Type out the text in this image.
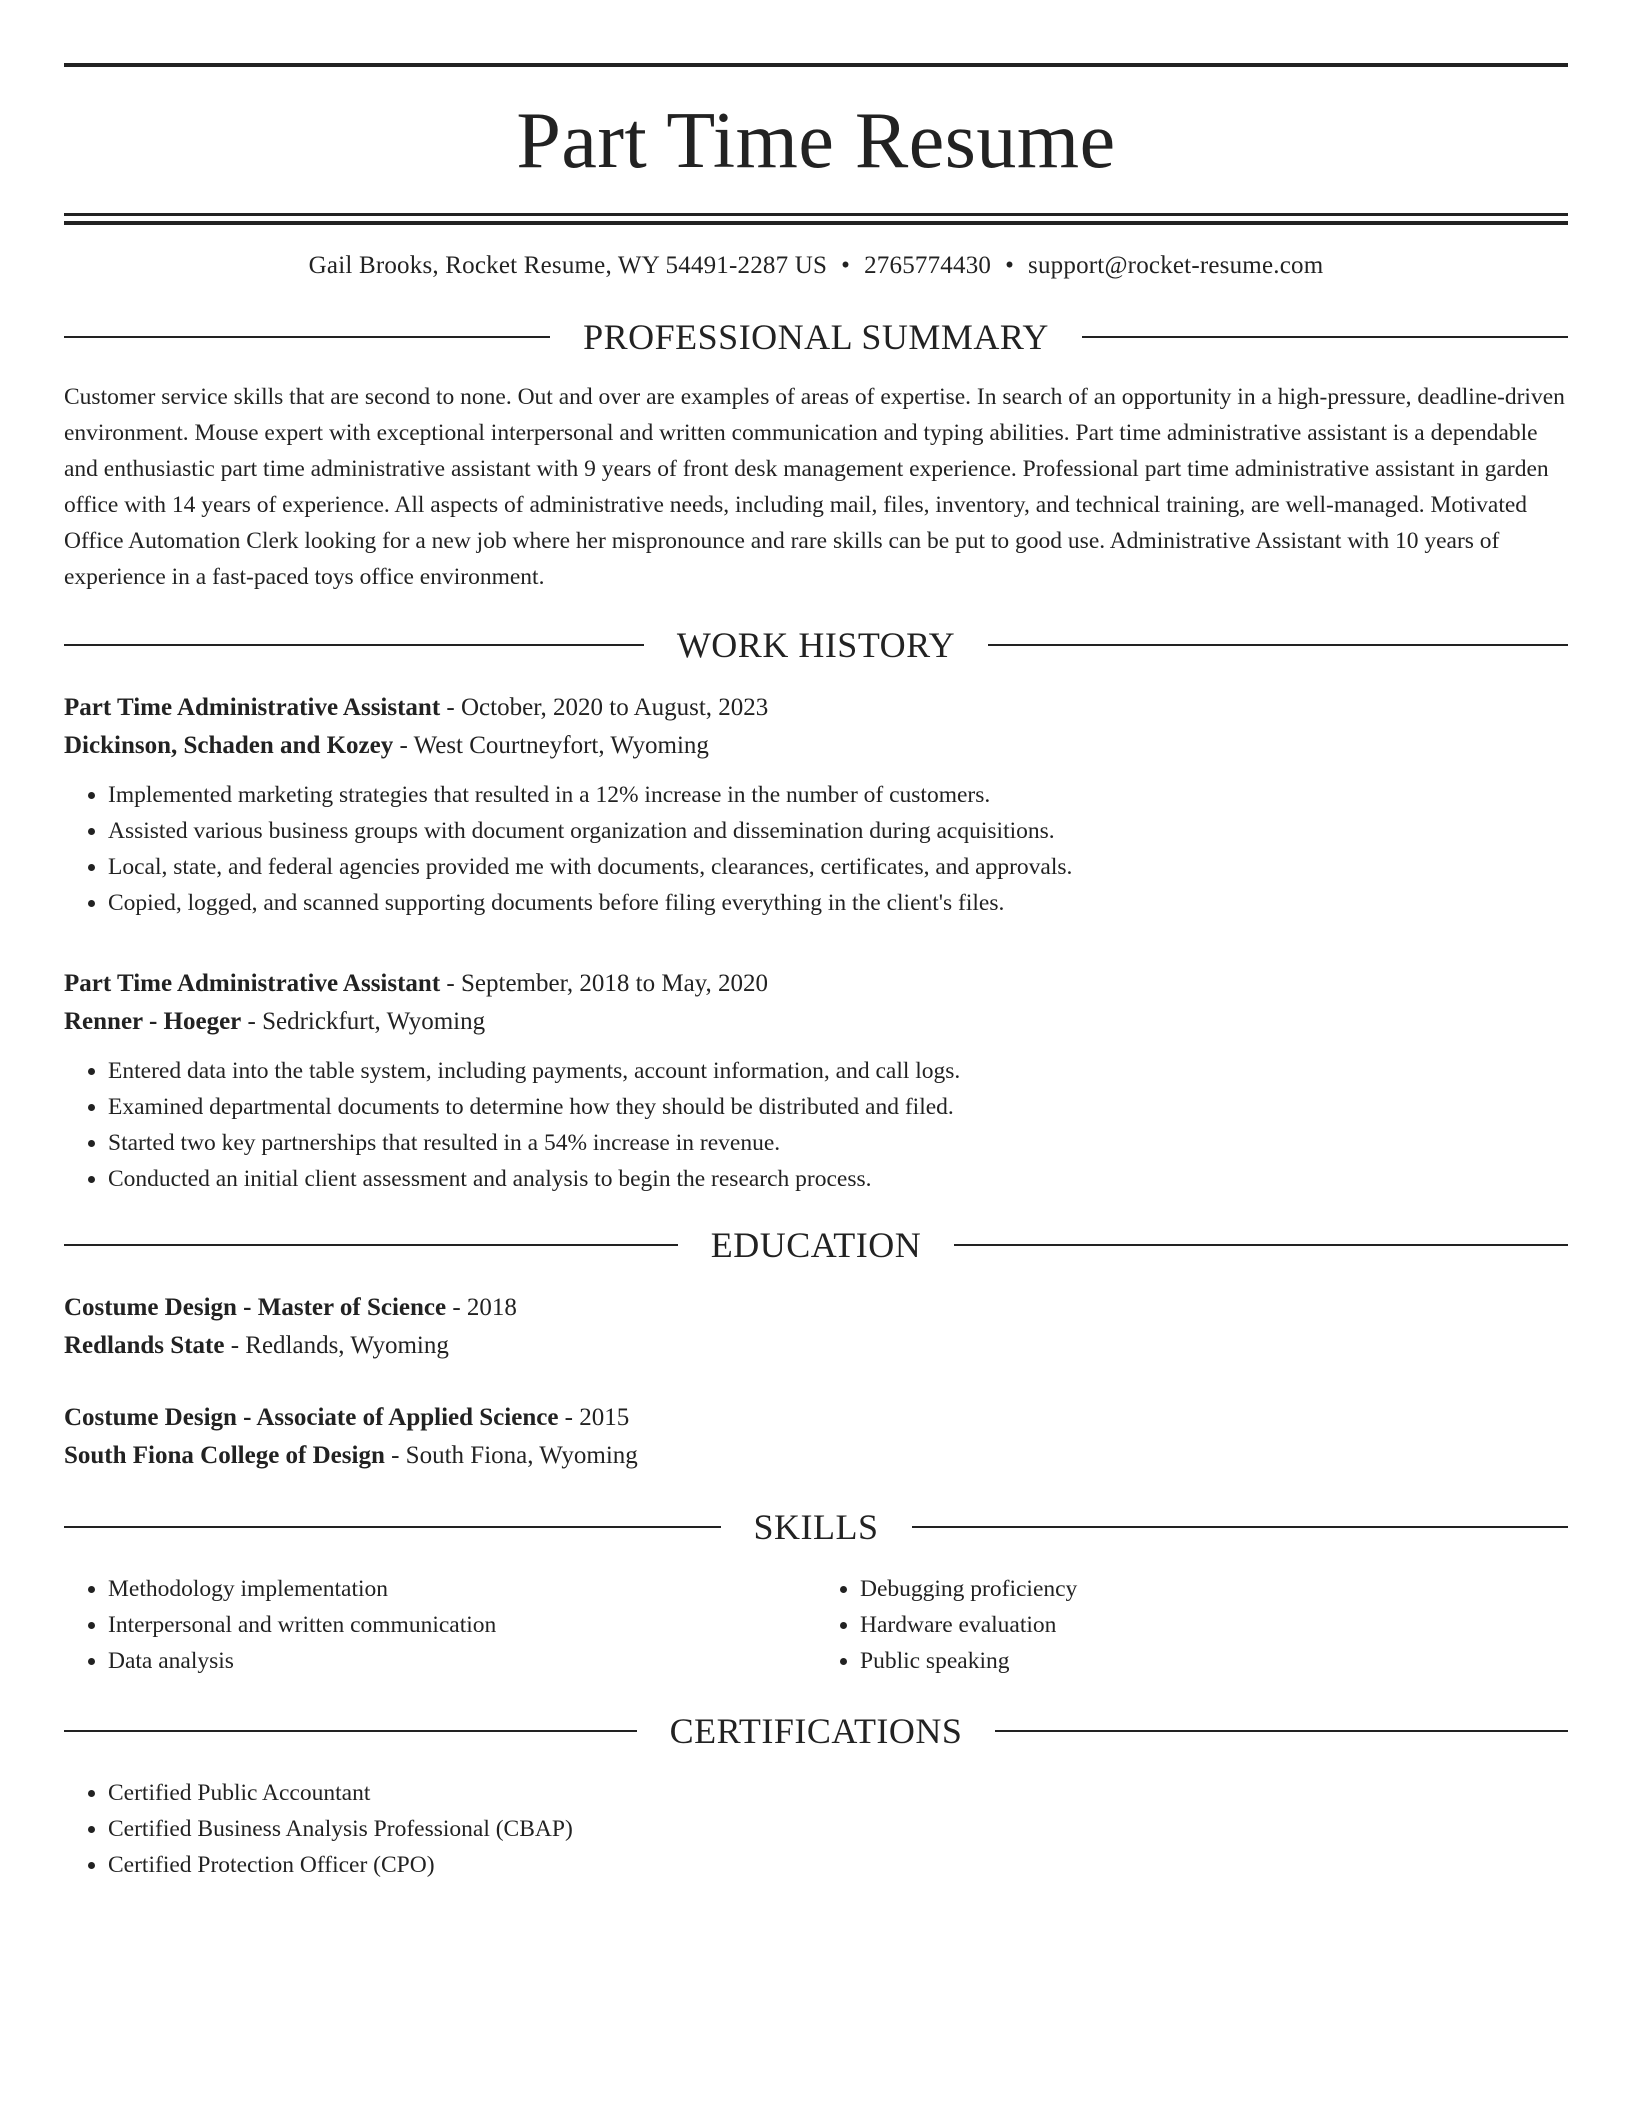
Part Time Resume
Gail Brooks, Rocket Resume, WY 54491-2287 US • 2765774430 • support@rocket-resume.com
PROFESSIONAL SUMMARY
Customer service skills that are second to none. Out and over are examples of areas of expertise. In search of an opportunity in a high-pressure, deadline-driven environment. Mouse expert with exceptional interpersonal and written communication and typing abilities. Part time administrative assistant is a dependable and enthusiastic part time administrative assistant with 9 years of front desk management experience. Professional part time administrative assistant in garden office with 14 years of experience. All aspects of administrative needs, including mail, files, inventory, and technical training, are well-managed. Motivated Office Automation Clerk looking for a new job where her mispronounce and rare skills can be put to good use. Administrative Assistant with 10 years of experience in a fast-paced toys office environment.
WORK HISTORY
Part Time Administrative Assistant - October, 2020 to August, 2023
Dickinson, Schaden and Kozey - West Courtneyfort, Wyoming
• Implemented marketing strategies that resulted in a 12% increase in the number of customers.
• Assisted various business groups with document organization and dissemination during acquisitions.
• Local, state, and federal agencies provided me with documents, clearances, certificates, and approvals.
• Copied, logged, and scanned supporting documents before filing everything in the client's files.
Part Time Administrative Assistant - September, 2018 to May, 2020
Renner - Hoeger - Sedrickfurt, Wyoming
• Entered data into the table system, including payments, account information, and call logs.
• Examined departmental documents to determine how they should be distributed and filed.
• Started two key partnerships that resulted in a 54% increase in revenue.
• Conducted an initial client assessment and analysis to begin the research process.
EDUCATION
Costume Design - Master of Science - 2018
Redlands State - Redlands, Wyoming
Costume Design - Associate of Applied Science - 2015
South Fiona College of Design - South Fiona, Wyoming
SKILLS
• Methodology implementation
• Interpersonal and written communication
• Data analysis
• Debugging proficiency
• Hardware evaluation
• Public speaking
CERTIFICATIONS
• Certified Public Accountant
• Certified Business Analysis Professional (CBAP)
• Certified Protection Officer (CPO)
